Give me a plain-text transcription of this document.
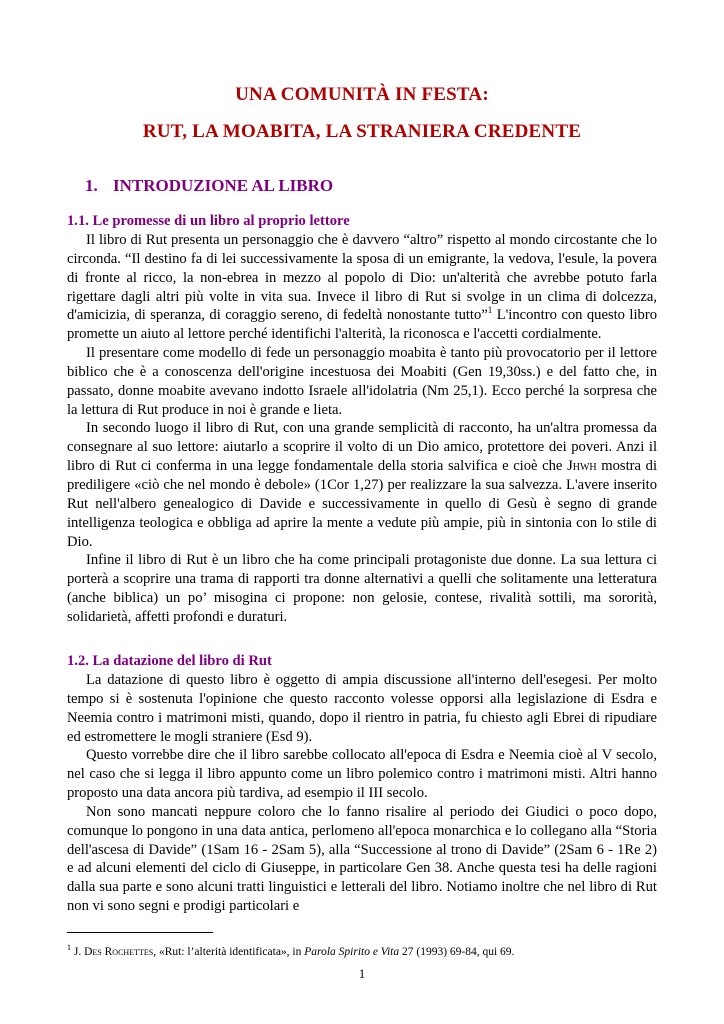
UNA COMUNITÀ IN FESTA:
RUT, LA MOABITA, LA STRANIERA CREDENTE
1. INTRODUZIONE AL LIBRO
1.1. Le promesse di un libro al proprio lettore

Il libro di Rut presenta un personaggio che è davvero “altro” rispetto al mondo circostante che lo circonda. “Il destino fa di lei successivamente la sposa di un emigrante, la vedova, l'esule, la povera di fronte al ricco, la non-ebrea in mezzo al popolo di Dio: un'alterità che avrebbe potuto farla rigettare dagli altri più volte in vita sua. Invece il libro di Rut si svolge in un clima di dolcezza, d'amicizia, di speranza, di coraggio sereno, di fedeltà nonostante tutto”$^1$ L'incontro con questo libro promette un aiuto al lettore perché identifichi l'alterità, la riconosca e l'accetti cordialmente.

Il presentare come modello di fede un personaggio moabita è tanto più provocatorio per il lettore biblico che è a conoscenza dell'origine incestuosa dei Moabiti (Gen 19,30ss.) e del fatto che, in passato, donne moabite avevano indotto Israele all'idolatria (Nm 25,1). Ecco perché la sorpresa che la lettura di Rut produce in noi è grande e lieta.

In secondo luogo il libro di Rut, con una grande semplicità di racconto, ha un'altra promessa da consegnare al suo lettore: aiutarlo a scoprire il volto di un Dio amico, protettore dei poveri. Anzi il libro di Rut ci conferma in una legge fondamentale della storia salvifica e cioè che Jhwh mostra di prediligere «ciò che nel mondo è debole» (1Cor 1,27) per realizzare la sua salvezza. L'avere inserito Rut nell'albero genealogico di Davide e successivamente in quello di Gesù è segno di grande intelligenza teologica e obbliga ad aprire la mente a vedute più ampie, più in sintonia con lo stile di Dio.

Infine il libro di Rut è un libro che ha come principali protagoniste due donne. La sua lettura ci porterà a scoprire una trama di rapporti tra donne alternativi a quelli che solitamente una letteratura (anche biblica) un po’ misogina ci propone: non gelosie, contese, rivalità sottili, ma sororità, solidarietà, affetti profondi e duraturi.

1.2. La datazione del libro di Rut

La datazione di questo libro è oggetto di ampia discussione all'interno dell'esegesi. Per molto tempo si è sostenuta l'opinione che questo racconto volesse opporsi alla legislazione di Esdra e Neemia contro i matrimoni misti, quando, dopo il rientro in patria, fu chiesto agli Ebrei di ripudiare ed estromettere le mogli straniere (Esd 9).

Questo vorrebbe dire che il libro sarebbe collocato all'epoca di Esdra e Neemia cioè al V secolo, nel caso che si legga il libro appunto come un libro polemico contro i matrimoni misti. Altri hanno proposto una data ancora più tardiva, ad esempio il III secolo.

Non sono mancati neppure coloro che lo fanno risalire al periodo dei Giudici o poco dopo, comunque lo pongono in una data antica, perlomeno all'epoca monarchica e lo collegano alla “Storia dell'ascesa di Davide” (1Sam 16 - 2Sam 5), alla “Successione al trono di Davide” (2Sam 6 - 1Re 2) e ad alcuni elementi del ciclo di Giuseppe, in particolare Gen 38. Anche questa tesi ha delle ragioni dalla sua parte e sono alcuni tratti linguistici e letterali del libro. Notiamo inoltre che nel libro di Rut non vi sono segni e prodigi particolari e

$^1$ J. Des Rochettes, «Rut: l’alterità identificata», in Parola Spirito e Vita 27 (1993) 69-84, qui 69.
1
